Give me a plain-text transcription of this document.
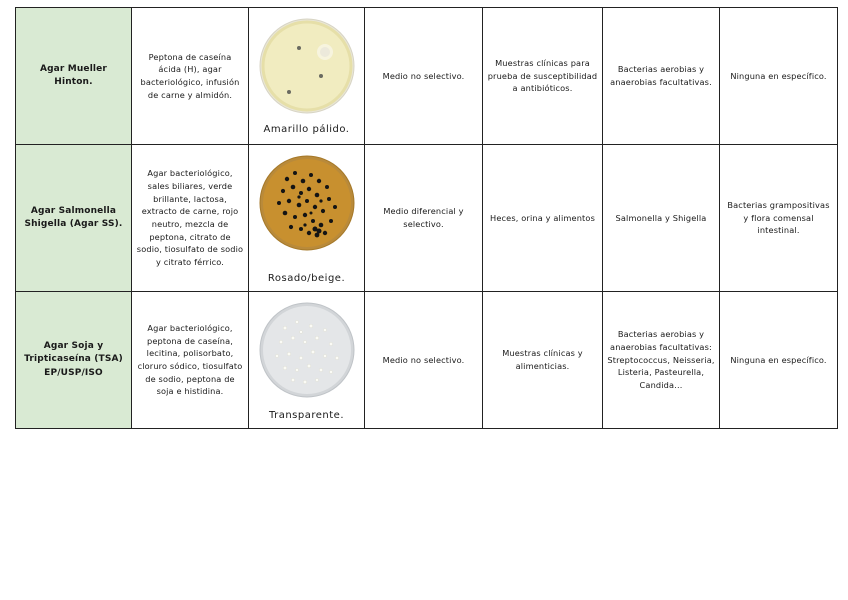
Agar Mueller Hinton.	Peptona de caseína ácida (H), agar bacteriológico, infusión de carne y almidón.	Amarillo pálido.	Medio no selectivo.	Muestras clínicas para prueba de susceptibilidad a antibióticos.	Bacterias aerobias y anaerobias facultativas.	Ninguna en específico.
Agar Salmonella Shigella (Agar SS).	Agar bacteriológico, sales biliares, verde brillante, lactosa, extracto de carne, rojo neutro, mezcla de peptona, citrato de sodio, tiosulfato de sodio y citrato férrico.	Rosado/beige.	Medio diferencial y selectivo.	Heces, orina y alimentos	Salmonella y Shigella	Bacterias grampositivas y flora comensal intestinal.
Agar Soja y Tripticaseína (TSA) EP/USP/ISO	Agar bacteriológico, peptona de caseína, lecitina, polisorbato, cloruro sódico, tiosulfato de sodio, peptona de soja e histidina.	Transparente.	Medio no selectivo.	Muestras clínicas y alimenticias.	Bacterias aerobias y anaerobias facultativas: Streptococcus, Neisseria, Listeria, Pasteurella, Candida...	Ninguna en específico.
